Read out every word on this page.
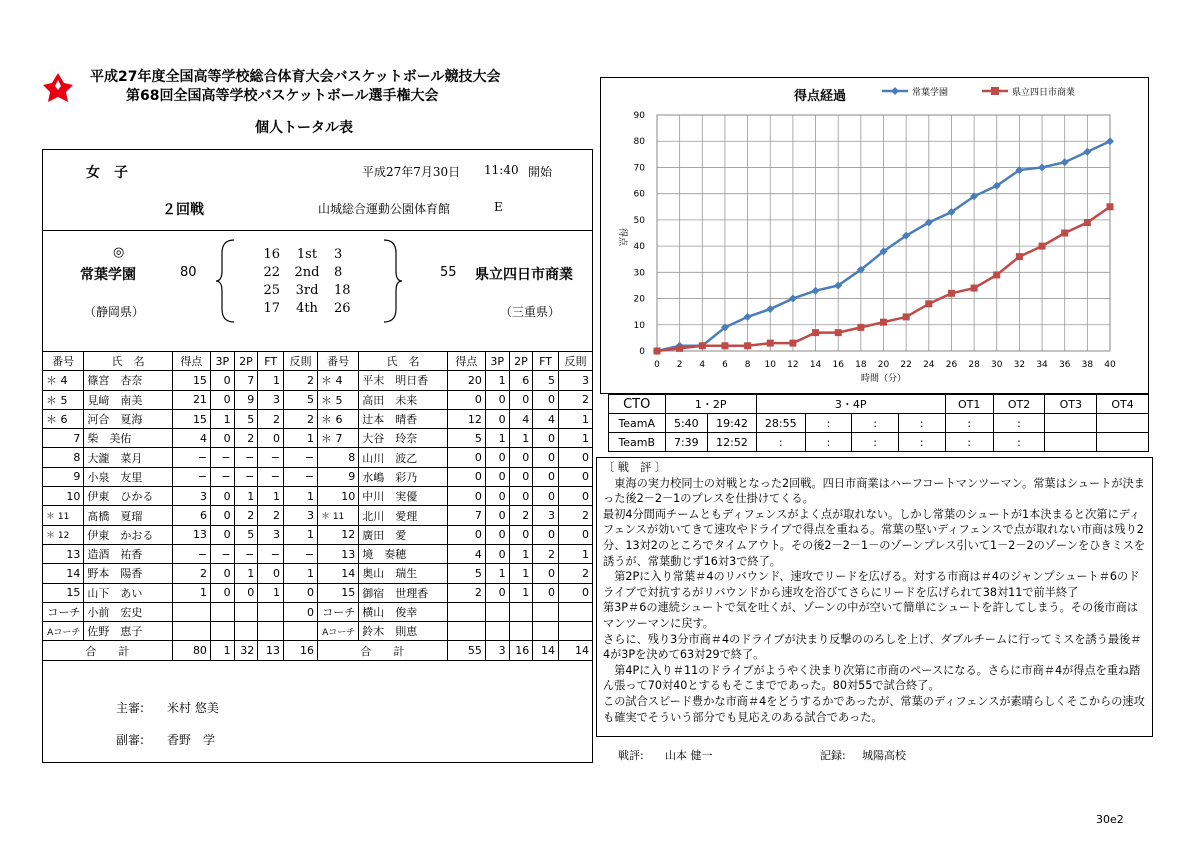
平成27年度全国高等学校総合体育大会バスケットボール競技大会
第68回全国高等学校バスケットボール選手権大会
個人トータル表
女　子	平成27年7月30日 11:40 開始
２回戦	山城総合運動公園体育館	E
◎
常葉学園	80
（静岡県）
55 県立四日市商業
（三重県）
16 1st 3
22 2nd 8
25 3rd 18
17 4th 26
番号	氏　名	得点	3P	2P	FT	反則	番号	氏　名	得点	3P	2P	FT	反則
＊ 4	篠宮　杏奈	15	0	7	1	2	＊ 4	平末　明日香	20	1	6	5	3
＊ 5	見﨑　南美	21	0	9	3	5	＊ 5	高田　未来	0	0	0	0	2
＊ 6	河合　夏海	15	1	5	2	2	＊ 6	辻本　晴香	12	0	4	4	1
7	柴　美佑	4	0	2	0	1	＊ 7	大谷　玲奈	5	1	1	0	1
8	大瀧　菜月	−	−	−	−	−	8	山川　波乙	0	0	0	0	0
9	小泉　友里	−	−	−	−	−	9	水嶋　彩乃	0	0	0	0	0
10	伊東　ひかる	3	0	1	1	1	10	中川　実優	0	0	0	0	0
＊ 11	髙橋　夏瑠	6	0	2	2	3	＊ 11	北川　愛理	7	0	2	3	2
＊ 12	伊東　かおる	13	0	5	3	1	12	廣田　愛	0	0	0	0	0
13	造酒　祐香	−	−	−	−	−	13	境　奏穂	4	0	1	2	1
14	野本　陽香	2	0	1	0	1	14	奥山　瑞生	5	1	1	0	2
15	山下　あい	1	0	0	1	0	15	御宿　世理香	2	0	1	0	0
コーチ	小前　宏史					0	コーチ	横山　俊幸					
Aコーチ	佐野　恵子						Aコーチ	鈴木　則恵					
合　　計		80	1	32	13	16	合　　計		55	3	16	14	14
主審: 米村 悠美
副審: 香野　学
0
10
20
30
40
50
60
70
80
90
0 2 4 6 8 10 12 14 16 18 20 22 24 26 28 30 32 34 36 38 40
得点経過
時間（分）
得点
常葉学園	県立四日市商業
CTO	1・2P		3・4P				OT1	OT2	OT3	OT4
TeamA	5:40	19:42	28:55	:	:	:	:	:		
TeamB	7:39	12:52	:	:	:	:	:	:		

〔 戦　評 〕

　東海の実力校同士の対戦となった2回戦。四日市商業はハーフコートマンツーマン。常葉はシュートが決まった後2－2－1のプレスを仕掛けてくる。

最初4分間両チームともディフェンスがよく点が取れない。しかし常葉のシュートが1本決まると次第にディフェンスが効いてきて速攻やドライブで得点を重ねる。常葉の堅いディフェンスで点が取れない市商は残り2分、13対2のところでタイムアウト。その後2－2－1－のゾーンプレス引いて1－2－2のゾーンをひきミスを誘うが、常葉動じず16対3で終了。

　第2Pに入り常葉＃4のリバウンド、速攻でリードを広げる。対する市商は＃4のジャンプシュート＃6のドライブで対抗するがリバウンドから速攻を浴びてさらにリードを広げられて38対11で前半終了

第3P＃6の連続シュートで気を吐くが、ゾーンの中が空いて簡単にシュートを許してしまう。その後市商はマンツーマンに戻す。

さらに、残り3分市商＃4のドライブが決まり反撃ののろしを上げ、ダブルチームに行ってミスを誘う最後＃4が3Pを決めて63対29で終了。

　第4Pに入り＃11のドライブがようやく決まり次第に市商のペースになる。さらに市商＃4が得点を重ね踏ん張って70対40とするもそこまでであった。80対55で試合終了。

この試合スピード豊かな市商＃4をどうするかであったが、常葉のディフェンスが素晴らしくそこからの速攻も確実でそういう部分でも見応えのある試合であった。

戦評: 山本 健一	記録: 城陽高校
30e2
